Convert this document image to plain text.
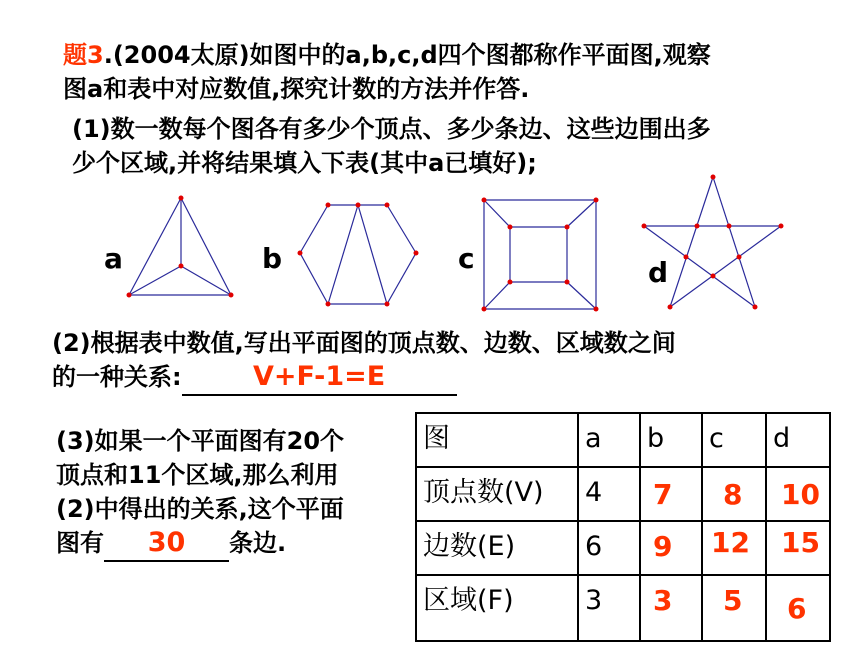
题3.(2004太原)如图中的a,b,c,d四个图都称作平面图,观察
图a和表中对应数值,探究计数的方法并作答.
(1)数一数每个图各有多少个顶点、多少条边、这些边围出多
少个区域,并将结果填入下表(其中a已填好);
a	b	c	d
(2)根据表中数值,写出平面图的顶点数、边数、区域数之间
的一种关系:	V+F-1=E
(3)如果一个平面图有20个
顶点和11个区域,那么利用
(2)中得出的关系,这个平面
图有 30 条边.
图	a	b	c	d
顶点数(V)	4	7	8	10

边数(E)	6	9	12	15

区域(F)	3	3	5	6
